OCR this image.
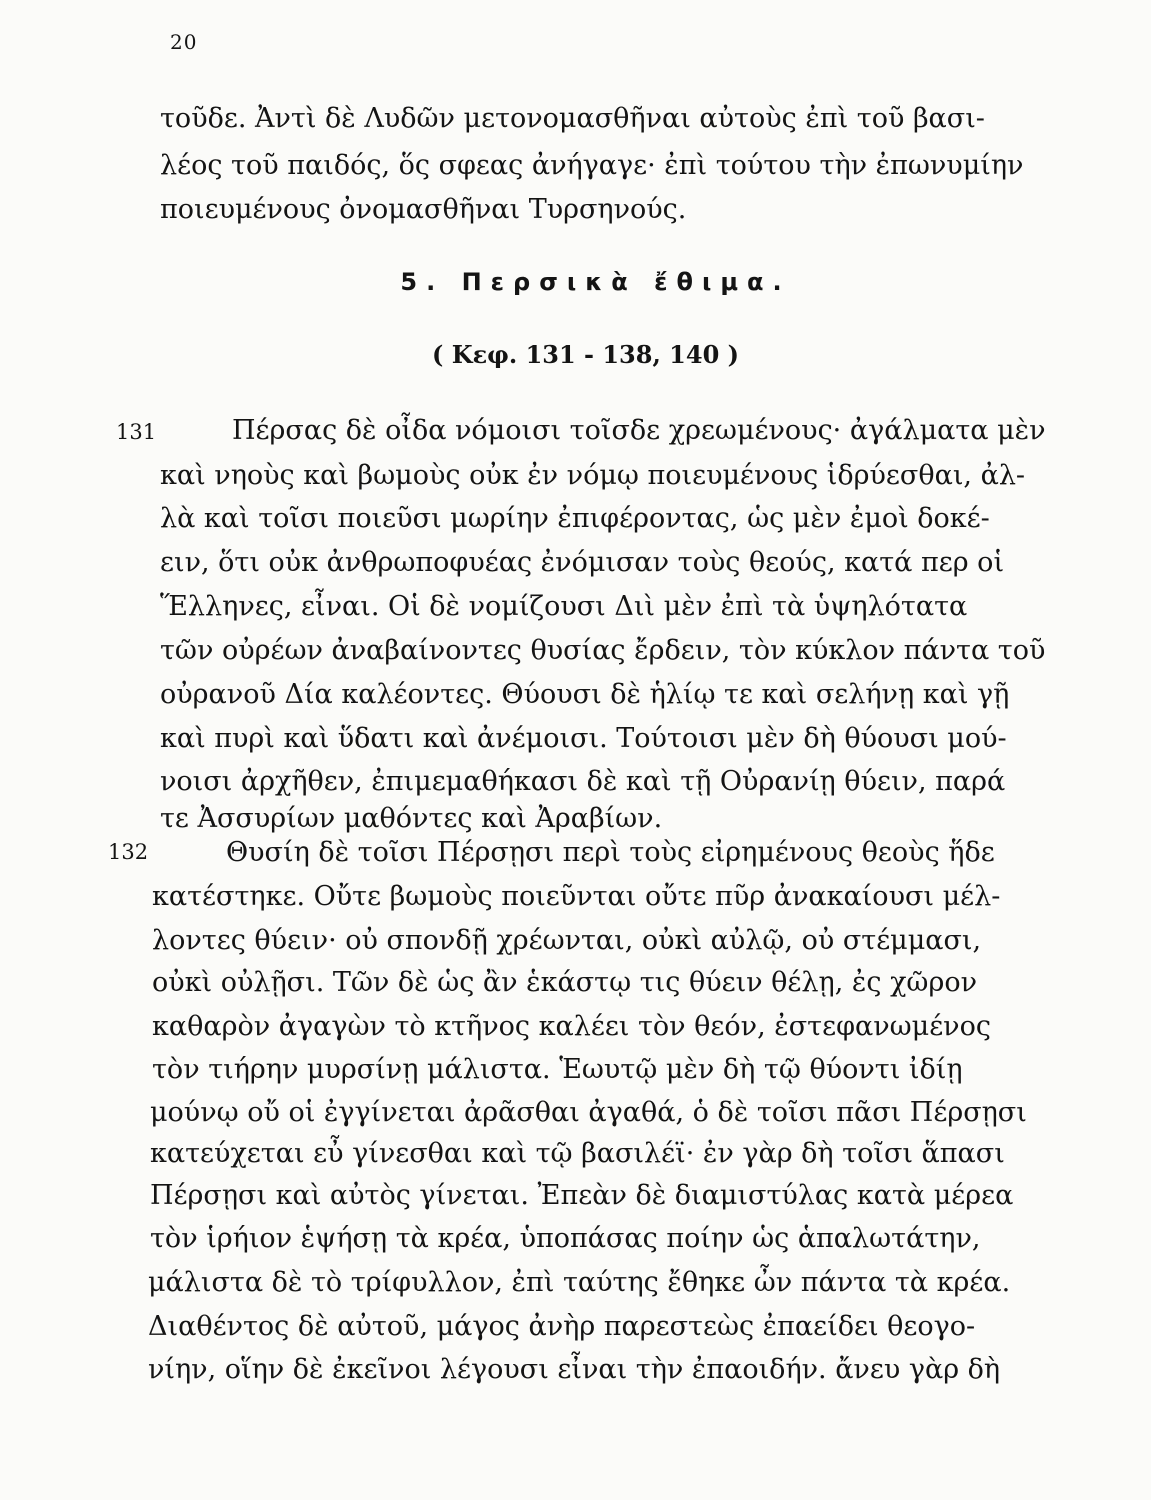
20
τοῦδε. Ἀντὶ δὲ Λυδῶν μετονομασθῆναι αὐτοὺς ἐπὶ τοῦ βασι-
λέος τοῦ παιδός, ὅς σφεας ἀνήγαγε· ἐπὶ τούτου τὴν ἐπωνυμίην
ποιευμένους ὀνομασθῆναι Τυρσηνούς.
5. Περσικὰ ἔθιμα.
( Κεφ. 131 - 138, 140 )
131	Πέρσας δὲ οἶδα νόμοισι τοῖσδε χρεωμένους· ἀγάλματα μὲν
καὶ νηοὺς καὶ βωμοὺς οὐκ ἐν νόμῳ ποιευμένους ἱδρύεσθαι, ἀλ-
λὰ καὶ τοῖσι ποιεῦσι μωρίην ἐπιφέροντας, ὡς μὲν ἐμοὶ δοκέ-
ειν, ὅτι οὐκ ἀνθρωποφυέας ἐνόμισαν τοὺς θεούς, κατά περ οἱ
Ἕλληνες, εἶναι. Οἱ δὲ νομίζουσι Διὶ μὲν ἐπὶ τὰ ὑψηλότατα
τῶν οὐρέων ἀναβαίνοντες θυσίας ἔρδειν, τὸν κύκλον πάντα τοῦ
οὐρανοῦ Δία καλέοντες. Θύουσι δὲ ἡλίῳ τε καὶ σελήνῃ καὶ γῇ
καὶ πυρὶ καὶ ὕδατι καὶ ἀνέμοισι. Τούτοισι μὲν δὴ θύουσι μού-
νοισι ἀρχῆθεν, ἐπιμεμαθήκασι δὲ καὶ τῇ Οὐρανίῃ θύειν, παρά
τε Ἀσσυρίων μαθόντες καὶ Ἀραβίων.
132	Θυσίη δὲ τοῖσι Πέρσῃσι περὶ τοὺς εἰρημένους θεοὺς ἥδε
κατέστηκε. Οὔτε βωμοὺς ποιεῦνται οὔτε πῦρ ἀνακαίουσι μέλ-
λοντες θύειν· οὐ σπονδῇ χρέωνται, οὐκὶ αὐλῷ, οὐ στέμμασι,
οὐκὶ οὐλῇσι. Τῶν δὲ ὡς ἂν ἑκάστῳ τις θύειν θέλῃ, ἐς χῶρον
καθαρὸν ἀγαγὼν τὸ κτῆνος καλέει τὸν θεόν, ἐστεφανωμένος
τὸν τιήρην μυρσίνῃ μάλιστα. Ἑωυτῷ μὲν δὴ τῷ θύοντι ἰδίῃ
μούνῳ οὔ οἱ ἐγγίνεται ἀρᾶσθαι ἀγαθά, ὁ δὲ τοῖσι πᾶσι Πέρσῃσι
κατεύχεται εὖ γίνεσθαι καὶ τῷ βασιλέϊ· ἐν γὰρ δὴ τοῖσι ἅπασι
Πέρσῃσι καὶ αὐτὸς γίνεται. Ἐπεὰν δὲ διαμιστύλας κατὰ μέρεα
τὸν ἱρήιον ἑψήσῃ τὰ κρέα, ὑποπάσας ποίην ὡς ἁπαλωτάτην,
μάλιστα δὲ τὸ τρίφυλλον, ἐπὶ ταύτης ἔθηκε ὦν πάντα τὰ κρέα.
Διαθέντος δὲ αὐτοῦ, μάγος ἀνὴρ παρεστεὼς ἐπαείδει θεογο-
νίην, οἵην δὲ ἐκεῖνοι λέγουσι εἶναι τὴν ἐπαοιδήν. ἄνευ γὰρ δὴ
